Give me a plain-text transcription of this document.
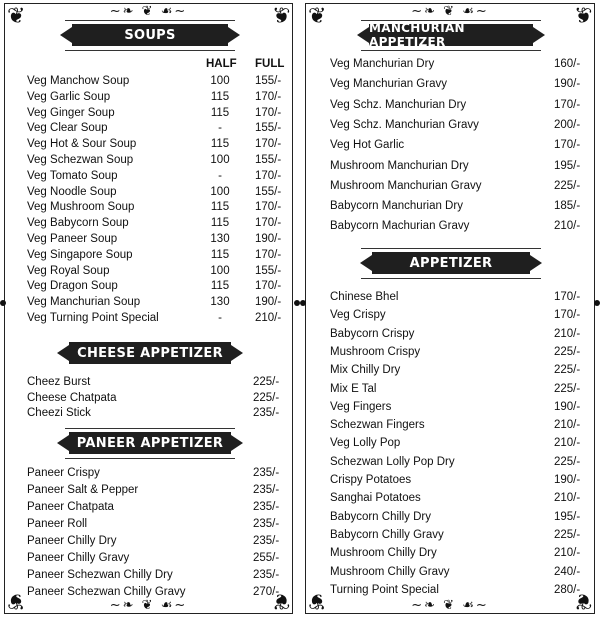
❦	❦
❦	❦
~❧ ❦ ☙~
~❧ ❦ ☙~
SOUPS
HALF FULL
Veg Manchow Soup	100	155/-
Veg Garlic Soup	115	170/-
Veg Ginger Soup	115	170/-
Veg Clear Soup	-	155/-
Veg Hot & Sour Soup	115	170/-
Veg Schezwan Soup	100	155/-
Veg Tomato Soup	-	170/-
Veg Noodle Soup	100	155/-
Veg Mushroom Soup	115	170/-
Veg Babycorn Soup	115	170/-
Veg Paneer Soup	130	190/-
Veg Singapore Soup	115	170/-
Veg Royal Soup	100	155/-
Veg Dragon Soup	115	170/-
Veg Manchurian Soup	130	190/-
Veg Turning Point Special	-	210/-
CHEESE APPETIZER
Cheez Burst	225/-
Cheese Chatpata	225/-
Cheezi Stick	235/-
PANEER APPETIZER
Paneer Crispy	235/-
Paneer Salt & Pepper	235/-
Paneer Chatpata	235/-
Paneer Roll	235/-
Paneer Chilly Dry	235/-
Paneer Chilly Gravy	255/-
Paneer Schezwan Chilly Dry	235/-
Paneer Schezwan Chilly Gravy	270/-
❦	❦
❦	❦
~❧ ❦ ☙~
~❧ ❦ ☙~
MANCHURIAN APPETIZER
Veg Manchurian Dry	160/-
Veg Manchurian Gravy	190/-
Veg Schz. Manchurian Dry	170/-
Veg Schz. Manchurian Gravy	200/-
Veg Hot Garlic	170/-
Mushroom Manchurian Dry	195/-
Mushroom Manchurian Gravy	225/-
Babycorn Manchurian Dry	185/-
Babycorn Machurian Gravy	210/-
APPETIZER
Chinese Bhel	170/-
Veg Crispy	170/-
Babycorn Crispy	210/-
Mushroom Crispy	225/-
Mix Chilly Dry	225/-
Mix E Tal	225/-
Veg Fingers	190/-
Schezwan Fingers	210/-
Veg Lolly Pop	210/-
Schezwan Lolly Pop Dry	225/-
Crispy Potatoes	190/-
Sanghai Potatoes	210/-
Babycorn Chilly Dry	195/-
Babycorn Chilly Gravy	225/-
Mushroom Chilly Dry	210/-
Mushroom Chilly Gravy	240/-
Turning Point Special	280/-
